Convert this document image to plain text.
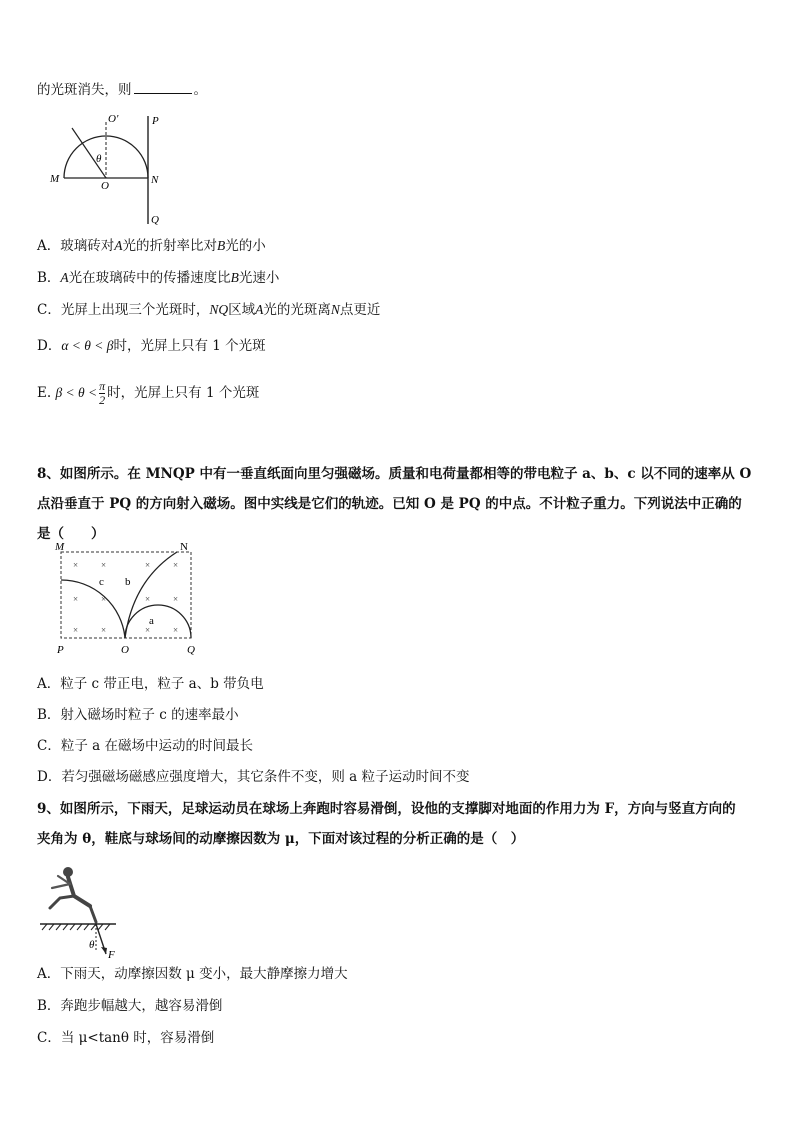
的光斑消失，则	。
O'	P
θ
M
O	N
Q
A．玻璃砖对A光的折射率比对B光的小
B．A光在玻璃砖中的传播速度比B光速小
C．光屏上出现三个光斑时，NQ区域A光的光斑离N点更近
D．α < θ < β时，光屏上只有 1 个光斑
E. $\beta < \theta < \frac{\pi}{2}$ 时，光屏上只有 1 个光斑
8、如图所示。在 MNQP 中有一垂直纸面向里匀强磁场。质量和电荷量都相等的带电粒子 a、b、c 以不同的速率从 O
点沿垂直于 PQ 的方向射入磁场。图中实线是它们的轨迹。已知 O 是 PQ 的中点。不计粒子重力。下列说法中正确的
是（　　）
×	×	×	×
×	×	×	×
×	×	×	×
M	N
c b
a
P	O	Q
A．粒子 c 带正电，粒子 a、b 带负电
B．射入磁场时粒子 c 的速率最小
C．粒子 a 在磁场中运动的时间最长
D．若匀强磁场磁感应强度增大，其它条件不变，则 a 粒子运动时间不变
9、如图所示，下雨天，足球运动员在球场上奔跑时容易滑倒，设他的支撑脚对地面的作用力为 F，方向与竖直方向的
夹角为 θ，鞋底与球场间的动摩擦因数为 μ，下面对该过程的分析正确的是（　）
θ
F
A．下雨天，动摩擦因数 μ 变小，最大静摩擦力增大
B．奔跑步幅越大，越容易滑倒
C．当 μ<tanθ 时，容易滑倒
